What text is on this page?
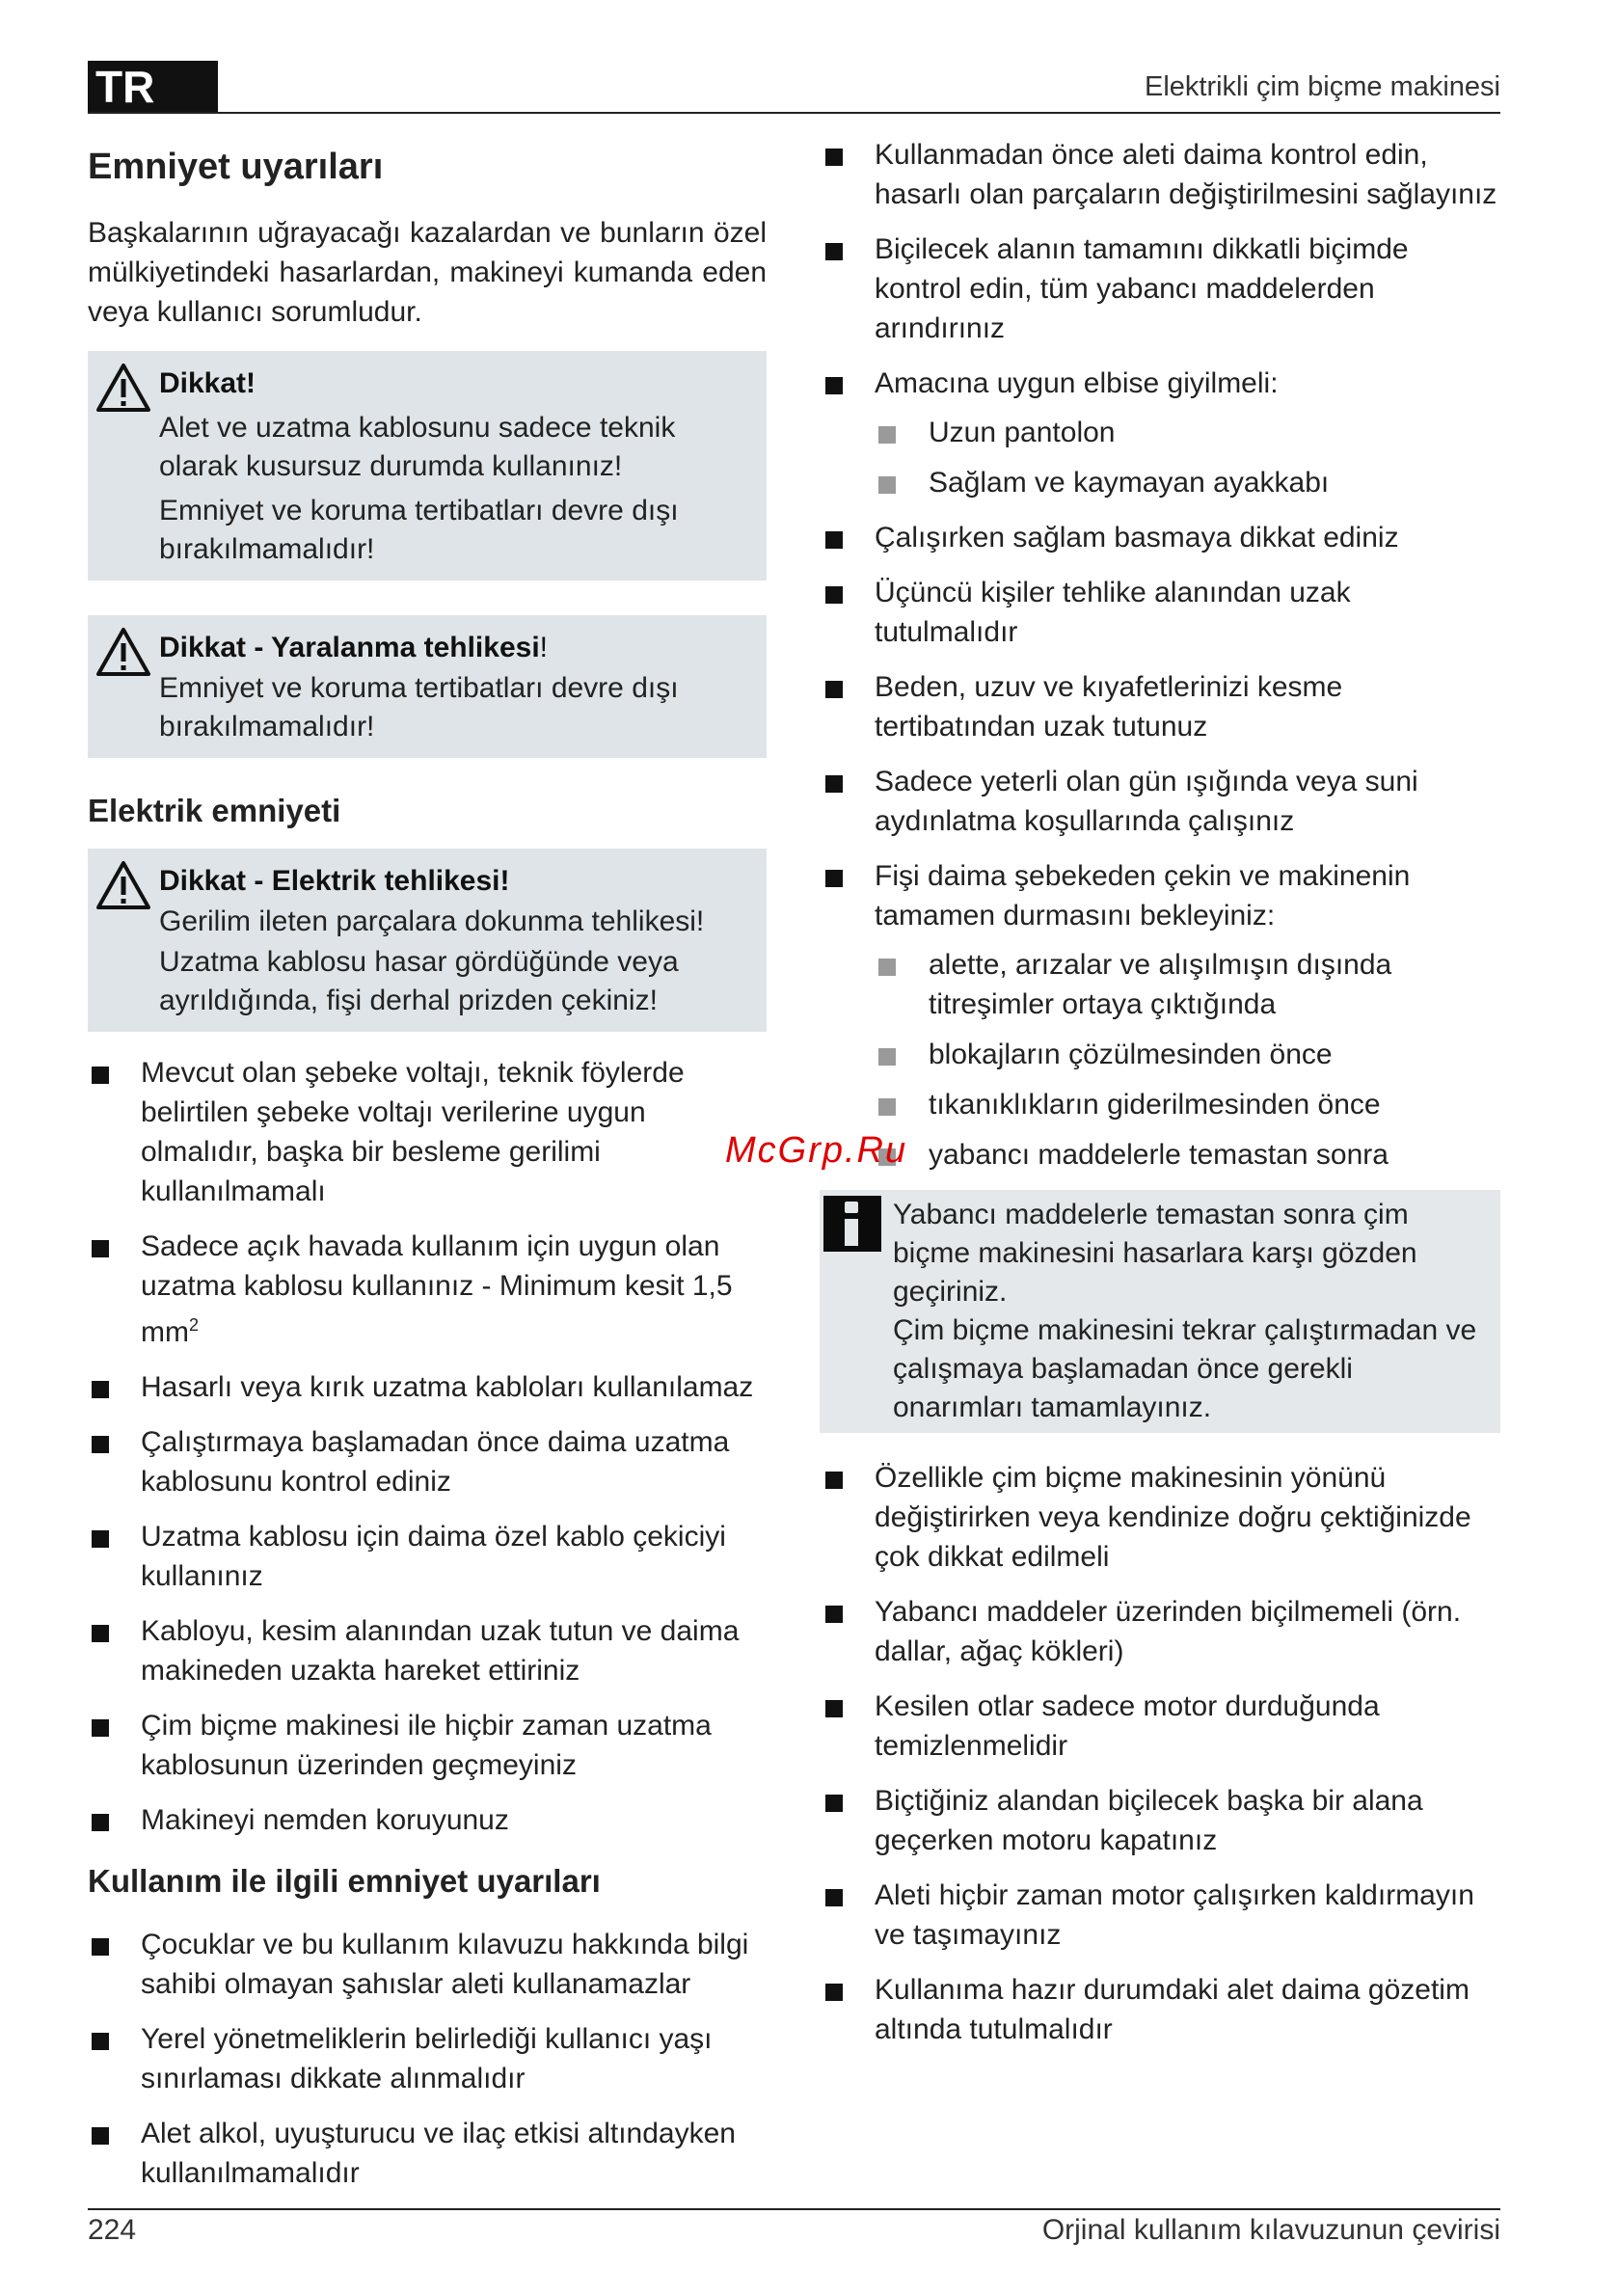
TR	Elektrikli çim biçme makinesi
Emniyet uyarıları

Başkalarının uğrayacağı kazalardan ve bunların özel mülkiyetindeki hasarlardan, makineyi kumanda eden veya kullanıcı sorumludur.

Dikkat!
Alet ve uzatma kablosunu sadece teknik olarak kusursuz durumda kullanınız!
Emniyet ve koruma tertibatları devre dışı bırakılmamalıdır!
Dikkat - Yaralanma tehlikesi!
Emniyet ve koruma tertibatları devre dışı bırakılmamalıdır!
Elektrik emniyeti
Dikkat - Elektrik tehlikesi!
Gerilim ileten parçalara dokunma tehlikesi!
Uzatma kablosu hasar gördüğünde veya ayrıldığında, fişi derhal prizden çekiniz!
Mevcut olan şebeke voltajı, teknik föylerde belirtilen şebeke voltajı verilerine uygun olmalıdır, başka bir besleme gerilimi kullanılmamalı
Sadece açık havada kullanım için uygun olan uzatma kablosu kullanınız - Minimum kesit 1,5 $mm^2$
Hasarlı veya kırık uzatma kabloları kullanılamaz
Çalıştırmaya başlamadan önce daima uzatma kablosunu kontrol ediniz
Uzatma kablosu için daima özel kablo çekiciyi kullanınız
Kabloyu, kesim alanından uzak tutun ve daima makineden uzakta hareket ettiriniz
Çim biçme makinesi ile hiçbir zaman uzatma kablosunun üzerinden geçmeyiniz
Makineyi nemden koruyunuz
Kullanım ile ilgili emniyet uyarıları
Çocuklar ve bu kullanım kılavuzu hakkında bilgi sahibi olmayan şahıslar aleti kullanamazlar
Yerel yönetmeliklerin belirlediği kullanıcı yaşı sınırlaması dikkate alınmalıdır
Alet alkol, uyuşturucu ve ilaç etkisi altındayken kullanılmamalıdır
Kullanmadan önce aleti daima kontrol edin, hasarlı olan parçaların değiştirilmesini sağlayınız
Biçilecek alanın tamamını dikkatli biçimde kontrol edin, tüm yabancı maddelerden arındırınız
Amacına uygun elbise giyilmeli:
Uzun pantolon
Sağlam ve kaymayan ayakkabı
Çalışırken sağlam basmaya dikkat ediniz
Üçüncü kişiler tehlike alanından uzak tutulmalıdır
Beden, uzuv ve kıyafetlerinizi kesme tertibatından uzak tutunuz
Sadece yeterli olan gün ışığında veya suni aydınlatma koşullarında çalışınız
Fişi daima şebekeden çekin ve makinenin tamamen durmasını bekleyiniz:
alette, arızalar ve alışılmışın dışında titreşimler ortaya çıktığında
blokajların çözülmesinden önce
tıkanıklıkların giderilmesinden önce
yabancı maddelerle temastan sonra
Yabancı maddelerle temastan sonra çim biçme makinesini hasarlara karşı gözden geçiriniz.
Çim biçme makinesini tekrar çalıştırmadan ve çalışmaya başlamadan önce gerekli onarımları tamamlayınız.
Özellikle çim biçme makinesinin yönünü değiştirirken veya kendinize doğru çektiğinizde çok dikkat edilmeli
Yabancı maddeler üzerinden biçilmemeli (örn. dallar, ağaç kökleri)
Kesilen otlar sadece motor durduğunda temizlenmelidir
Biçtiğiniz alandan biçilecek başka bir alana geçerken motoru kapatınız
Aleti hiçbir zaman motor çalışırken kaldırmayın ve taşımayınız
Kullanıma hazır durumdaki alet daima gözetim altında tutulmalıdır
McGrp.Ru
224	Orjinal kullanım kılavuzunun çevirisi
